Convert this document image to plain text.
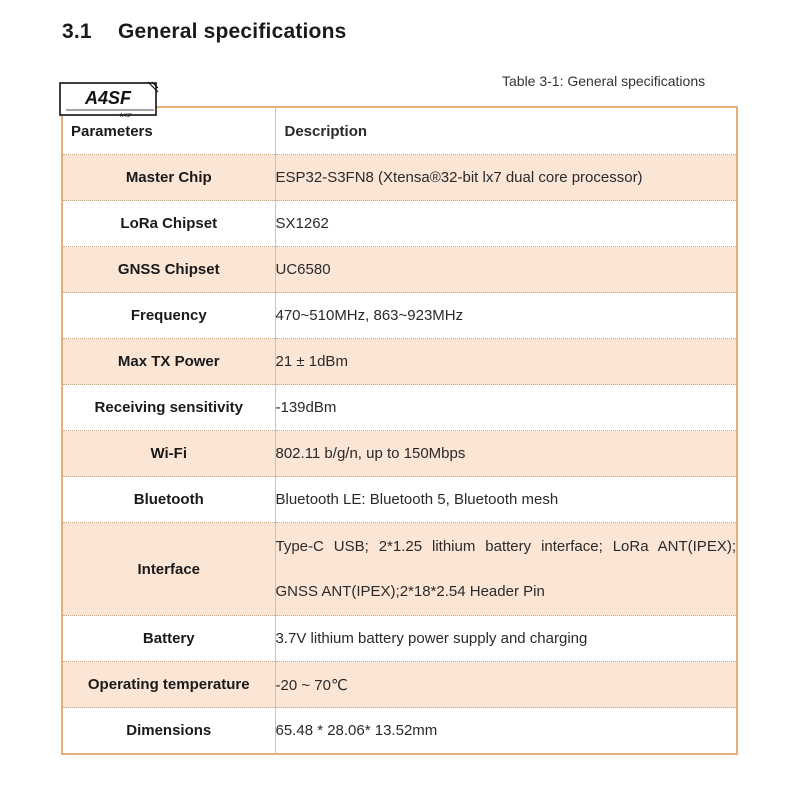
3.1 General specifications
Table 3-1: General specifications
A4SF
A4SF
Parameters	Description
Master Chip	ESP32-S3FN8 (Xtensa®32-bit lx7 dual core processor)
LoRa Chipset	SX1262
GNSS Chipset	UC6580
Frequency	470~510MHz, 863~923MHz
Max TX Power	21 ± 1dBm
Receiving sensitivity	-139dBm
Wi-Fi	802.11 b/g/n, up to 150Mbps
Bluetooth	Bluetooth LE: Bluetooth 5, Bluetooth mesh
Interface	Type-C USB; 2*1.25 lithium battery interface; LoRa ANT(IPEX); GNSS ANT(IPEX);2*18*2.54 Header Pin

Battery	3.7V lithium battery power supply and charging
Operating temperature	-20 ~ 70℃
Dimensions	65.48 * 28.06* 13.52mm
